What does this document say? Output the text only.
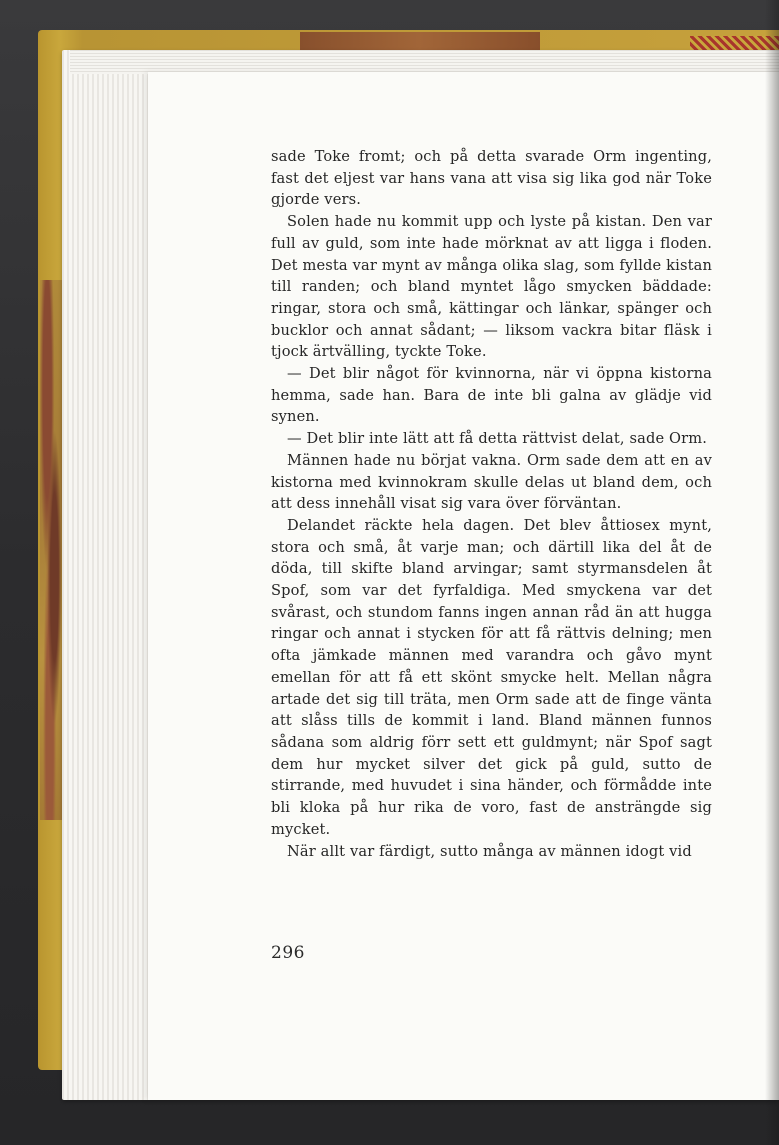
sade Toke fromt; och på detta svarade Orm ingenting, fast det eljest var hans vana att visa sig lika god när Toke gjorde vers.

Solen hade nu kommit upp och lyste på kistan. Den var full av guld, som inte hade mörknat av att ligga i floden. Det mesta var mynt av många olika slag, som fyllde kistan till randen; och bland myntet lågo smycken bäddade: ringar, stora och små, kättingar och länkar, spänger och bucklor och annat sådant; — liksom vackra bitar fläsk i tjock ärtvälling, tyckte Toke.

— Det blir något för kvinnorna, när vi öppna kistorna hemma, sade han. Bara de inte bli galna av glädje vid synen.

— Det blir inte lätt att få detta rättvist delat, sade Orm.

Männen hade nu börjat vakna. Orm sade dem att en av kistorna med kvinnokram skulle delas ut bland dem, och att dess innehåll visat sig vara över förväntan.

Delandet räckte hela dagen. Det blev åttiosex mynt, stora och små, åt varje man; och därtill lika del åt de döda, till skifte bland arvingar; samt styrmansdelen åt Spof, som var det fyrfaldiga. Med smyckena var det svårast, och stundom fanns ingen annan råd än att hugga ringar och annat i stycken för att få rättvis delning; men ofta jämkade männen med varandra och gåvo mynt emellan för att få ett skönt smycke helt. Mellan några artade det sig till träta, men Orm sade att de finge vänta att slåss tills de kommit i land. Bland männen funnos sådana som aldrig förr sett ett guldmynt; när Spof sagt dem hur mycket silver det gick på guld, sutto de stirrande, med huvudet i sina händer, och förmådde inte bli kloka på hur rika de voro, fast de ansträngde sig mycket.

När allt var färdigt, sutto många av männen idogt vid

296
